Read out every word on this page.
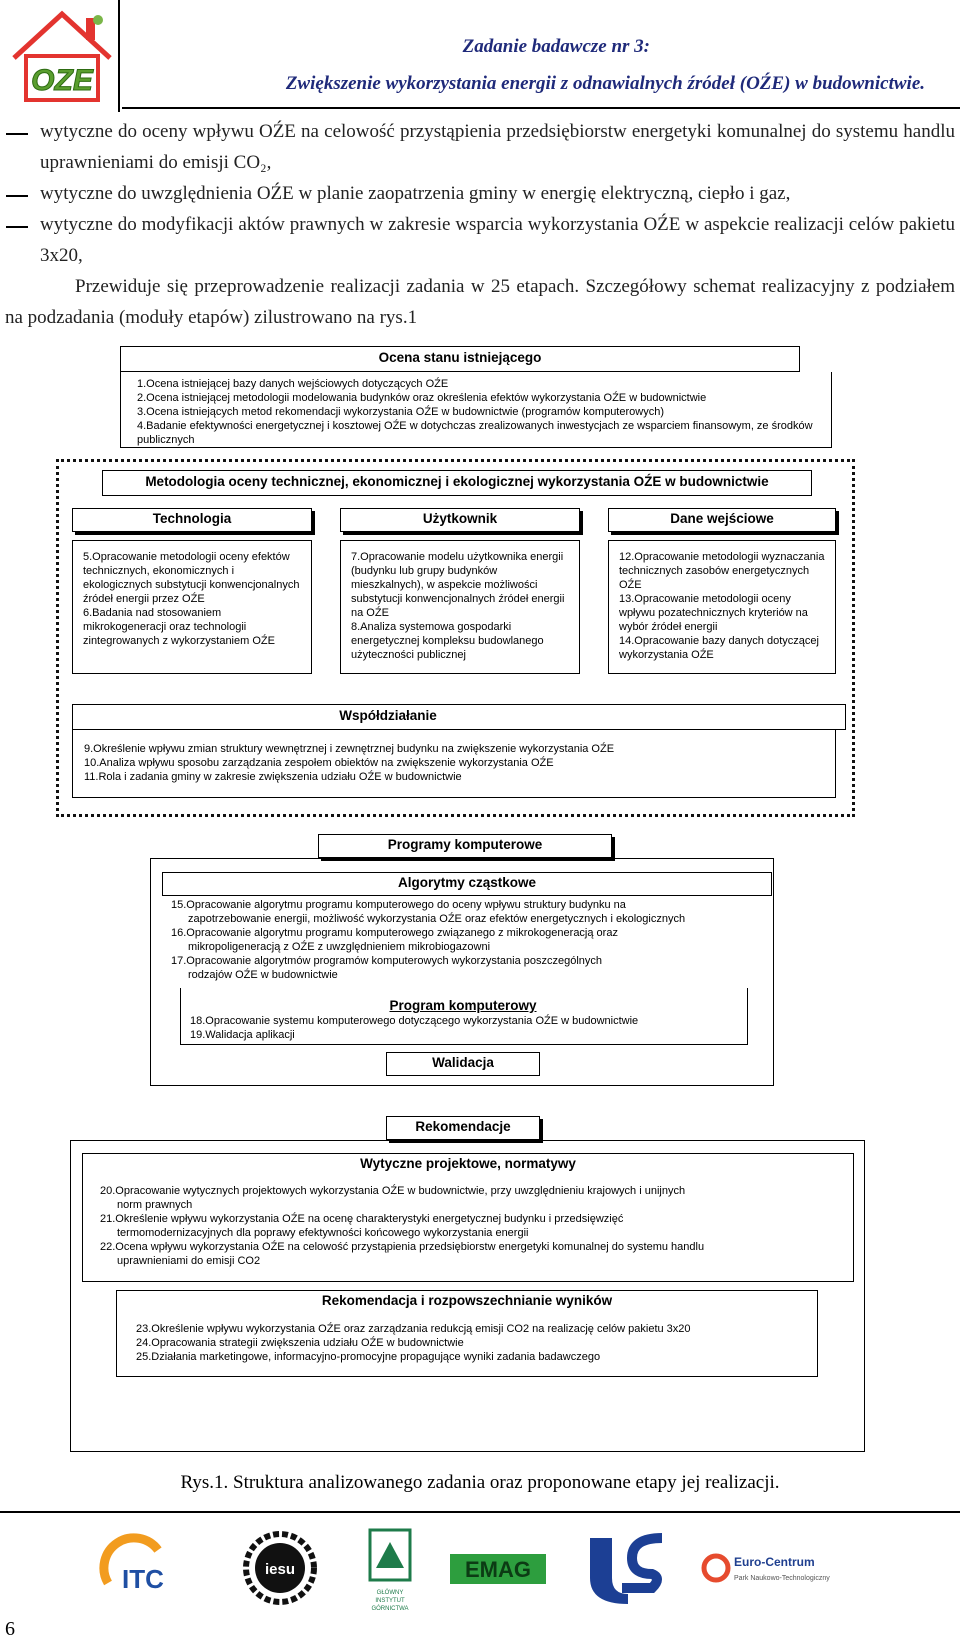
OZE
Zadanie badawcze nr 3:
Zwiększenie wykorzystania energii z odnawialnych źródeł (OŹE) w budownictwie.
wytyczne do oceny wpływu OŹE na celowość przystąpienia przedsiębiorstw energetyki komunalnej do systemu handlu uprawnieniami do emisji CO₂,
wytyczne do uwzględnienia OŹE w planie zaopatrzenia gminy w energię elektryczną, ciepło i gaz,
wytyczne do modyfikacji aktów prawnych w zakresie wsparcia wykorzystania OŹE w aspekcie realizacji celów pakietu 3x20,
Przewiduje się przeprowadzenie realizacji zadania w 25 etapach. Szczegółowy schemat realizacyjny z podziałem na podzadania (moduły etapów) zilustrowano na rys.1
Ocena stanu istniejącego
1.Ocena istniejącej bazy danych wejściowych dotyczących OŹE
2.Ocena istniejącej metodologii modelowania budynków oraz określenia efektów wykorzystania OŹE w budownictwie
3.Ocena istniejących metod rekomendacji wykorzystania OŹE w budownictwie (programów komputerowych)
4.Badanie efektywności energetycznej i kosztowej OŹE w dotychczas zrealizowanych inwestycjach ze wsparciem finansowym, ze środków publicznych
Metodologia oceny technicznej, ekonomicznej i ekologicznej wykorzystania OŹE w budownictwie
Technologia
5.Opracowanie metodologii oceny efektów technicznych, ekonomicznych i ekologicznych substytucji konwencjonalnych źródeł energii przez OŹE
6.Badania nad stosowaniem mikrokogeneracji oraz technologii zintegrowanych z wykorzystaniem OŹE
Użytkownik
7.Opracowanie modelu użytkownika energii (budynku lub grupy budynków mieszkalnych), w aspekcie możliwości substytucji konwencjonalnych źródeł energii na OŹE
8.Analiza systemowa gospodarki energetycznej kompleksu budowlanego użyteczności publicznej
Dane wejściowe
12.Opracowanie metodologii wyznaczania technicznych zasobów energetycznych OŹE
13.Opracowanie metodologii oceny wpływu pozatechnicznych kryteriów na wybór źródeł energii
14.Opracowanie bazy danych dotyczącej wykorzystania OŹE
Współdziałanie
9.Określenie wpływu zmian struktury wewnętrznej i zewnętrznej budynku na zwiększenie wykorzystania OŹE
10.Analiza wpływu sposobu zarządzania zespołem obiektów na zwiększenie wykorzystania OŹE
11.Rola i zadania gminy w zakresie zwiększenia udziału OŹE w budownictwie
Programy komputerowe
Algorytmy cząstkowe
15.Opracowanie algorytmu programu komputerowego do oceny wpływu struktury budynku na
zapotrzebowanie energii, możliwość wykorzystania OŹE oraz efektów energetycznych i ekologicznych
16.Opracowanie algorytmu programu komputerowego związanego z mikrokogeneracją oraz
mikropoligeneracją z OŹE z uwzględnieniem mikrobiogazowni
17.Opracowanie algorytmów programów komputerowych wykorzystania poszczególnych
rodzajów OŹE w budownictwie
Program komputerowy
18.Opracowanie systemu komputerowego dotyczącego wykorzystania OŹE w budownictwie
19.Walidacja aplikacji
Walidacja
Rekomendacje
Wytyczne projektowe, normatywy
20.Opracowanie wytycznych projektowych wykorzystania OŹE w budownictwie, przy uwzględnieniu krajowych i unijnych
norm prawnych
21.Określenie wpływu wykorzystania OŹE na ocenę charakterystyki energetycznej budynku i przedsięwzięć
termomodernizacyjnych dla poprawy efektywności końcowego wykorzystania energii
22.Ocena wpływu wykorzystania OŹE na celowość przystąpienia przedsiębiorstw energetyki komunalnej do systemu handlu
uprawnieniami do emisji CO2
Rekomendacja i rozpowszechnianie wyników
23.Określenie wpływu wykorzystania OŹE oraz zarządzania redukcją emisji CO2 na realizację celów pakietu 3x20
24.Opracowania strategii zwiększenia udziału OŹE w budownictwie
25.Działania marketingowe, informacyjno-promocyjne propagujące wyniki zadania badawczego
Rys.1. Struktura analizowanego zadania oraz proponowane etapy jej realizacji.
ITC	iesu
GŁÓWNY
INSTYTUT
GÓRNICTWA
EMAG	Euro-Centrum
Park Naukowo-Technologiczny
6
